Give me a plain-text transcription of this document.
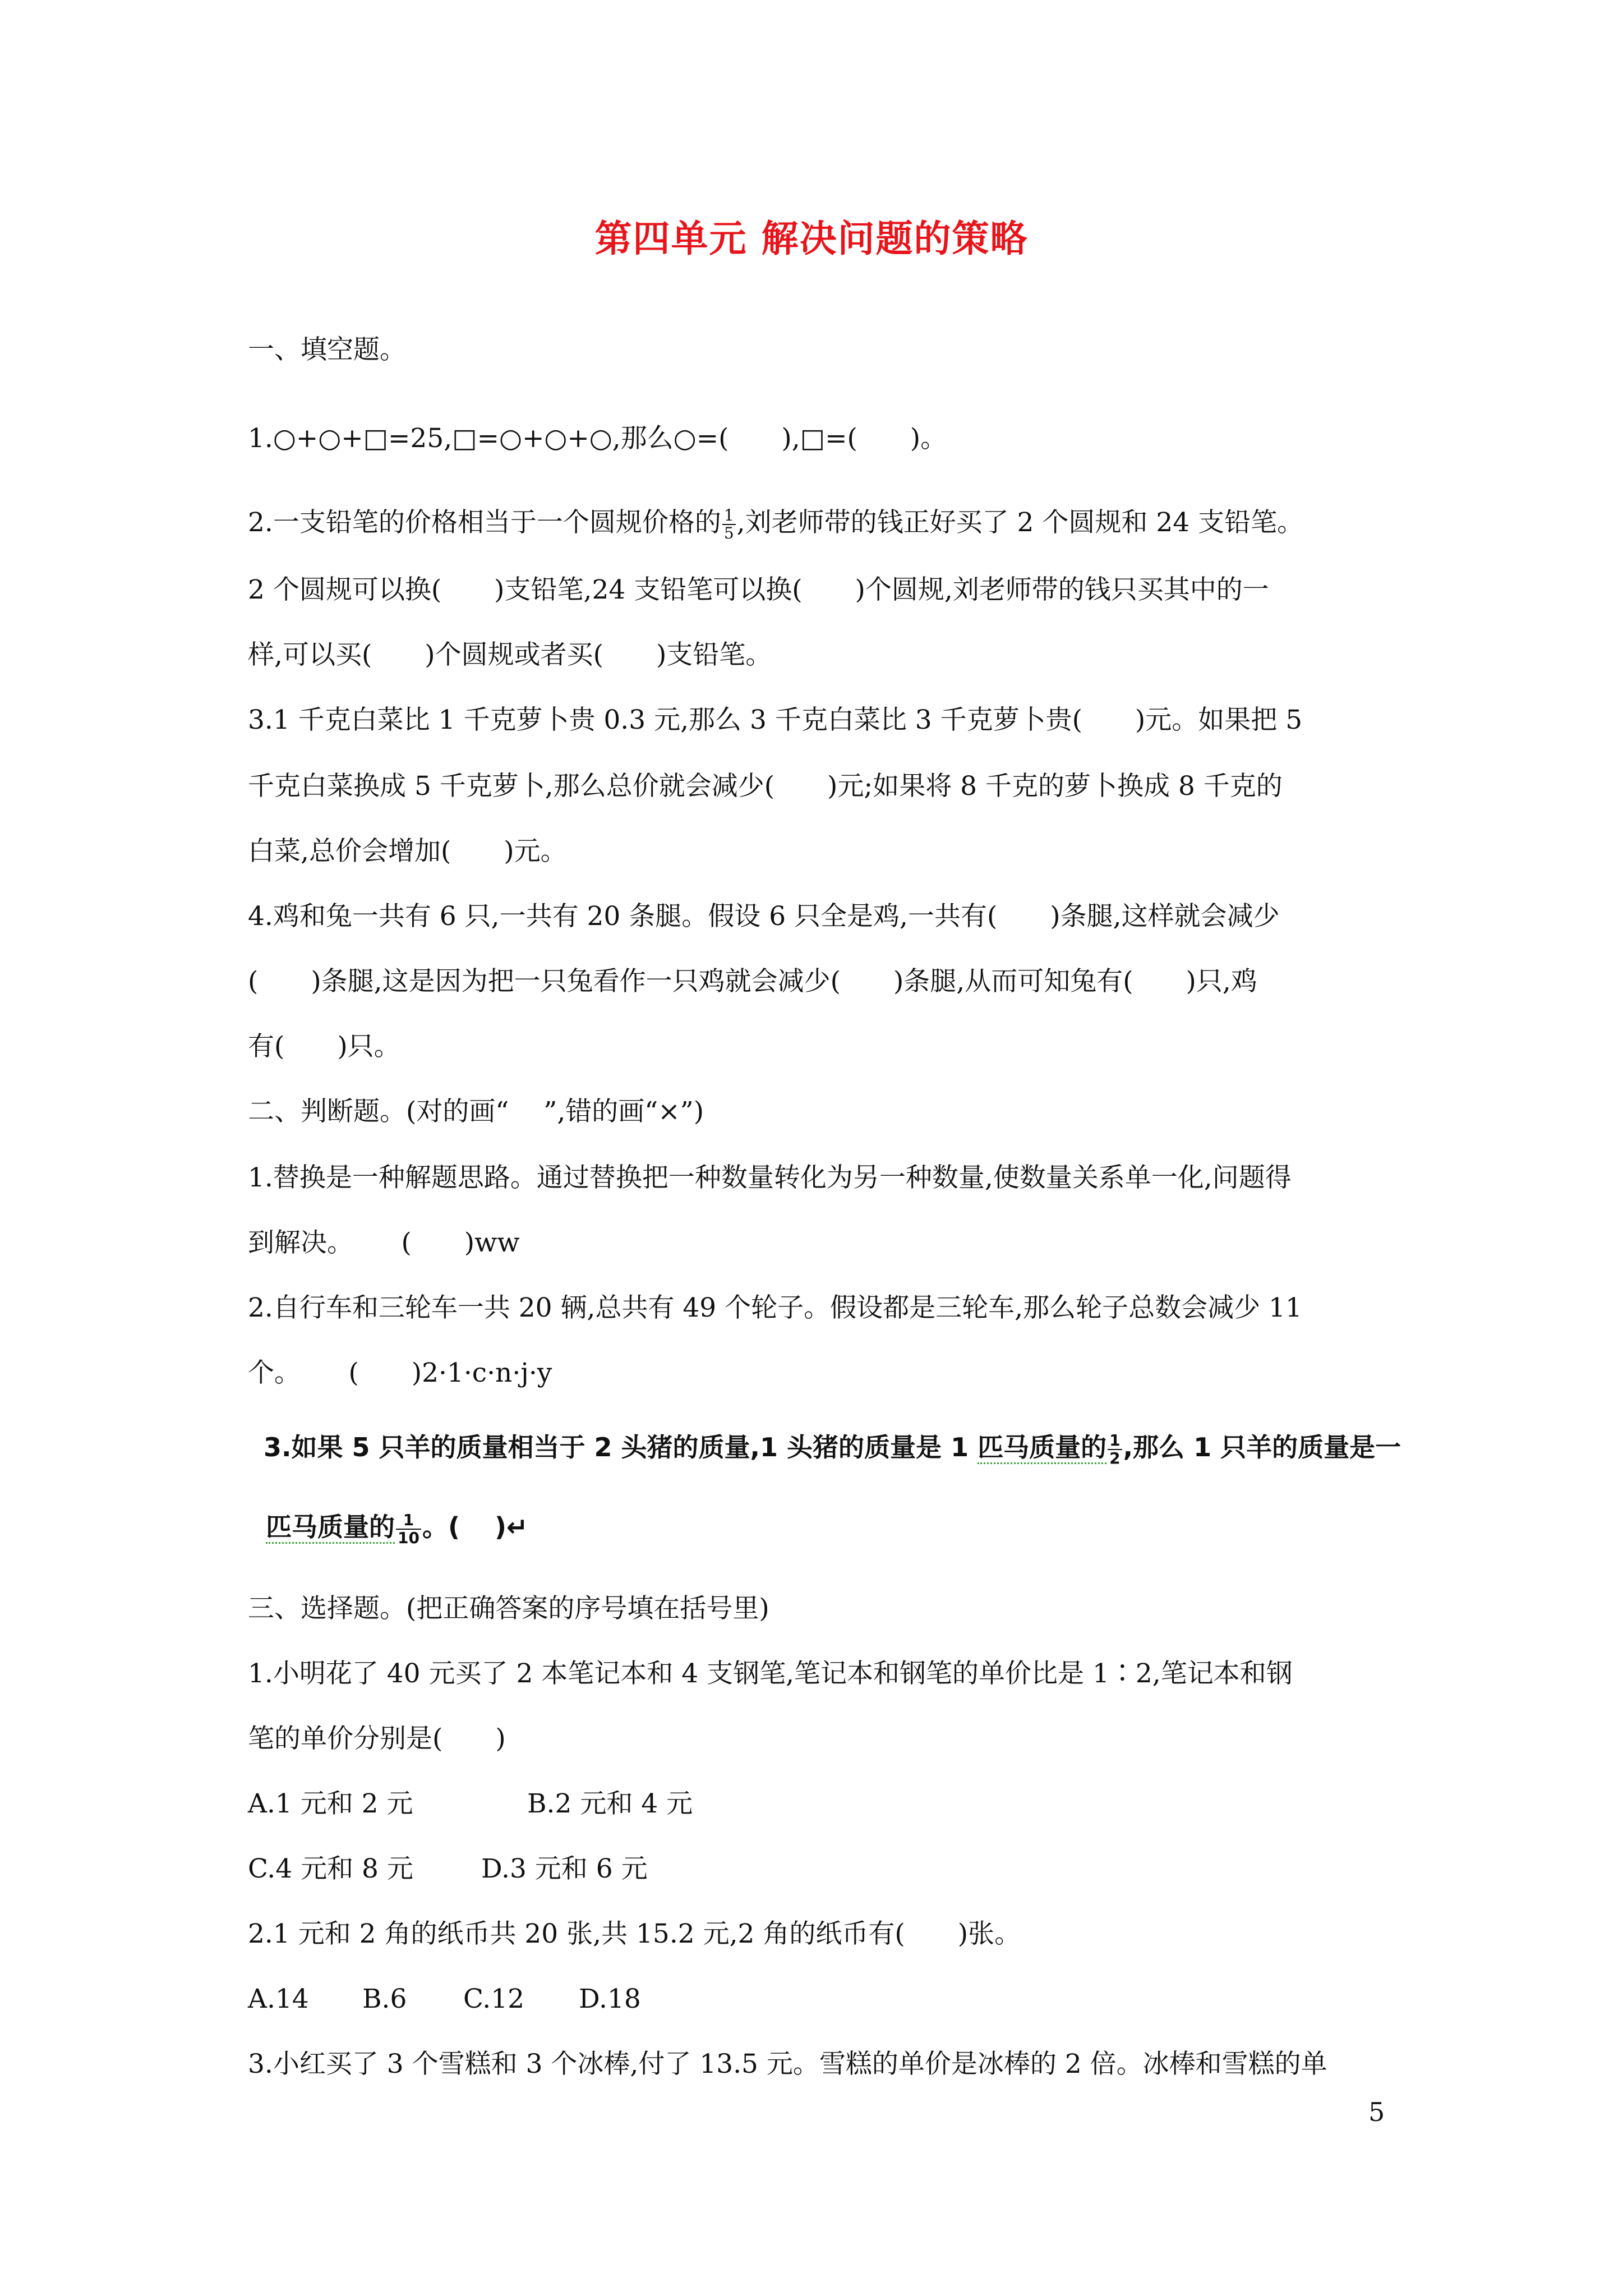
第四单元 解决问题的策略
一、填空题。
1.○+○+□=25,□=○+○+○,那么○=(　　),□=(　　)。
2.一支铅笔的价格相当于一个圆规价格的 $\frac{1}{5}$ ,刘老师带的钱正好买了 2 个圆规和 24 支铅笔。
2 个圆规可以换(　　)支铅笔,24 支铅笔可以换(　　)个圆规,刘老师带的钱只买其中的一
样,可以买(　　)个圆规或者买(　　)支铅笔。
3.1 千克白菜比 1 千克萝卜贵 0.3 元,那么 3 千克白菜比 3 千克萝卜贵(　　)元。如果把 5
千克白菜换成 5 千克萝卜,那么总价就会减少(　　)元;如果将 8 千克的萝卜换成 8 千克的
白菜,总价会增加(　　)元。
4.鸡和兔一共有 6 只,一共有 20 条腿。假设 6 只全是鸡,一共有(　　)条腿,这样就会减少
(　　)条腿,这是因为把一只兔看作一只鸡就会减少(　　)条腿,从而可知兔有(　　)只,鸡
有(　　)只。
二、判断题。(对的画“ 　”,错的画“×”)
1.替换是一种解题思路。通过替换把一种数量转化为另一种数量,使数量关系单一化,问题得
到解决。　　 (　　)ww
2.自行车和三轮车一共 20 辆,总共有 49 个轮子。假设都是三轮车,那么轮子总数会减少 11
个。　　 (　　)2·1·c·n·j·y
3.如果 5 只羊的质量相当于 2 头猪的质量,1 头猪的质量是 1 匹马质量的 $\frac{1}{2}$ ,那么 1 只羊的质量是一
匹马质量的 $\frac{1}{10}$ 。(　 )↵
三、选择题。(把正确答案的序号填在括号里)
1.小明花了 40 元买了 2 本笔记本和 4 支钢笔,笔记本和钢笔的单价比是 1∶2,笔记本和钢
笔的单价分别是(　　)
A.1 元和 2 元	B.2 元和 4 元
C.4 元和 8 元	D.3 元和 6 元
2.1 元和 2 角的纸币共 20 张,共 15.2 元,2 角的纸币有(　　)张。
A.14	B.6	C.12	D.18
3.小红买了 3 个雪糕和 3 个冰棒,付了 13.5 元。雪糕的单价是冰棒的 2 倍。冰棒和雪糕的单
5
